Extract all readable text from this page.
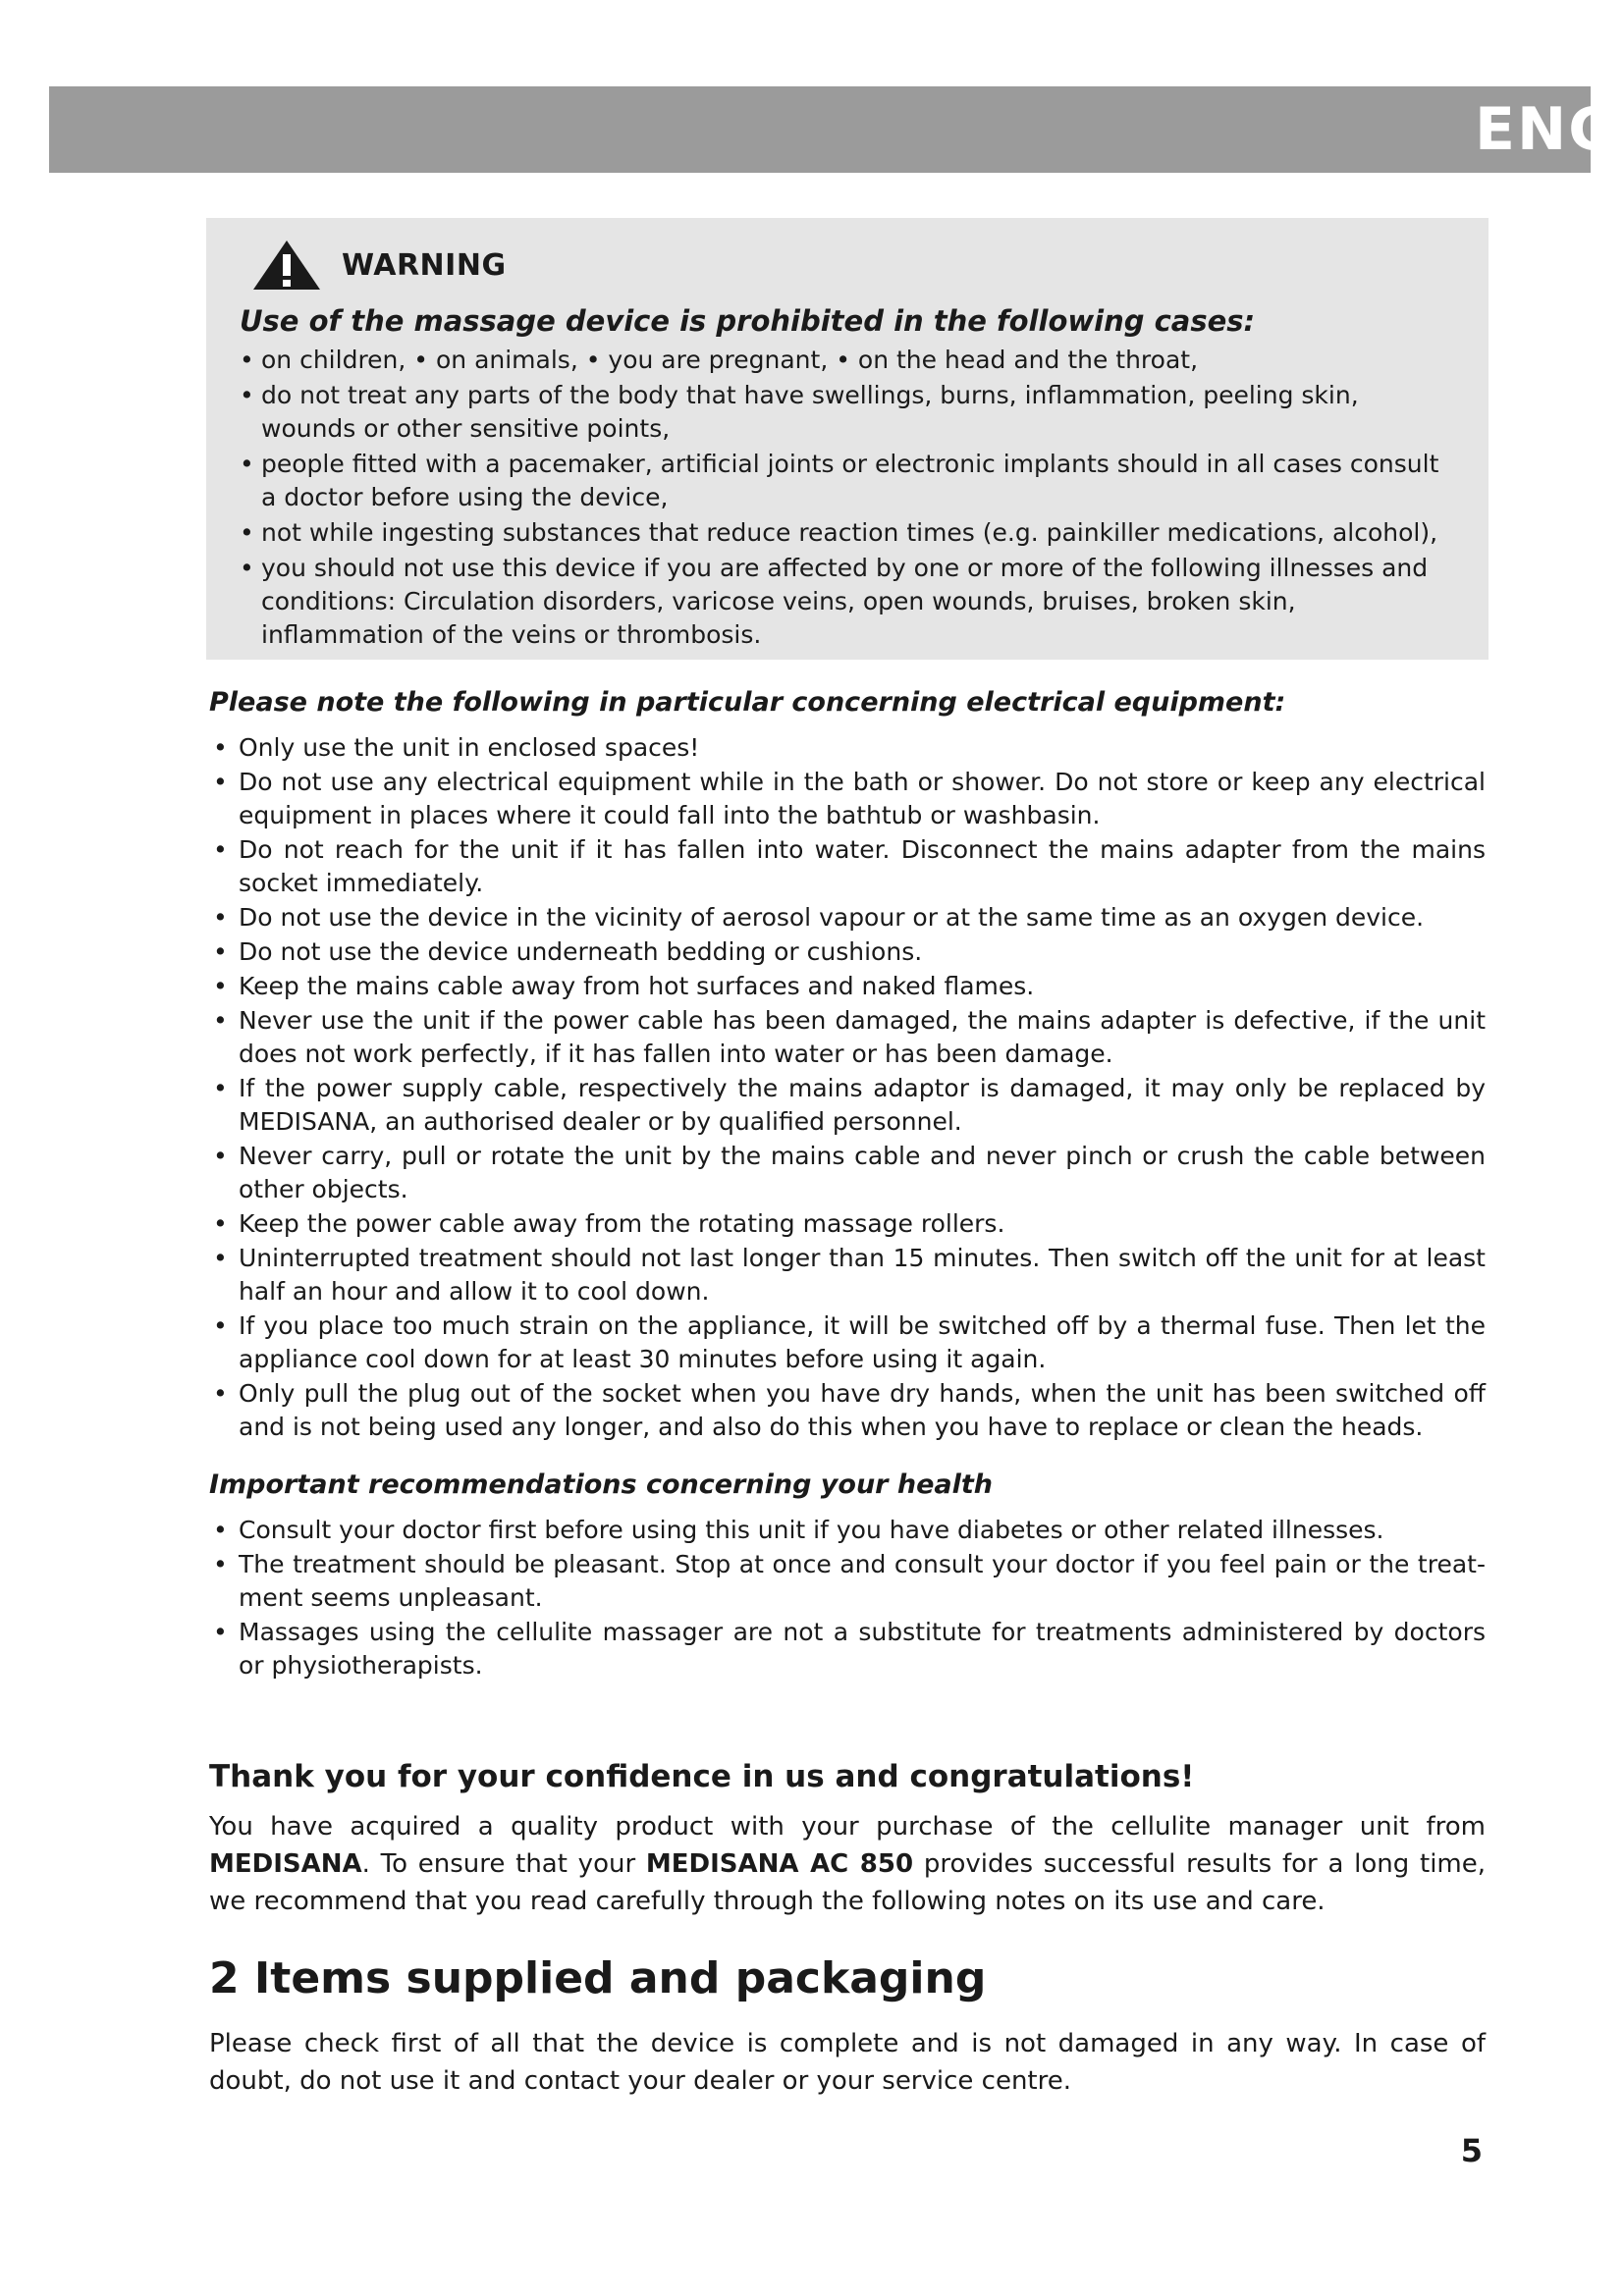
ENG
WARNING
Use of the massage device is prohibited in the following cases:
• on children, • on animals, • you are pregnant, • on the head and the throat,
• do not treat any parts of the body that have swellings, burns, inflammation, peeling skin, wounds or other sensitive points,
• people fitted with a pacemaker, artificial joints or electronic implants should in all cases consult a doctor before using the device,
• not while ingesting substances that reduce reaction times (e.g. painkiller medications, alcohol),
• you should not use this device if you are affected by one or more of the following illnesses and conditions: Circulation disorders, varicose veins, open wounds, bruises, broken skin, inflammation of the veins or thrombosis.
Please note the following in particular concerning electrical equipment:
• Only use the unit in enclosed spaces!
• Do not use any electrical equipment while in the bath or shower. Do not store or keep any electrical equipment in places where it could fall into the bathtub or washbasin.
• Do not reach for the unit if it has fallen into water. Disconnect the mains adapter from the mains socket immediately.
• Do not use the device in the vicinity of aerosol vapour or at the same time as an oxygen device.
• Do not use the device underneath bedding or cushions.
• Keep the mains cable away from hot surfaces and naked flames.
• Never use the unit if the power cable has been damaged, the mains adapter is defective, if the unit does not work perfectly, if it has fallen into water or has been damage.
• If the power supply cable, respectively the mains adaptor is damaged, it may only be replaced by MEDISANA, an authorised dealer or by qualified personnel.
• Never carry, pull or rotate the unit by the mains cable and never pinch or crush the cable between other objects.
• Keep the power cable away from the rotating massage rollers.
• Uninterrupted treatment should not last longer than 15 minutes. Then switch off the unit for at least half an hour and allow it to cool down.
• If you place too much strain on the appliance, it will be switched off by a thermal fuse. Then let the appliance cool down for at least 30 minutes before using it again.
• Only pull the plug out of the socket when you have dry hands, when the unit has been switched off and is not being used any longer, and also do this when you have to replace or clean the heads.
Important recommendations concerning your health
• Consult your doctor first before using this unit if you have diabetes or other related illnesses.
• The treatment should be pleasant. Stop at once and consult your doctor if you feel pain or the treat- ment seems unpleasant.
• Massages using the cellulite massager are not a substitute for treatments administered by doctors or physiotherapists.
Thank you for your confidence in us and congratulations!

You have acquired a quality product with your purchase of the cellulite manager unit from MEDISANA. To ensure that your MEDISANA AC 850 provides successful results for a long time, we recommend that you read carefully through the following notes on its use and care.

2 Items supplied and packaging

Please check first of all that the device is complete and is not damaged in any way. In case of doubt, do not use it and contact your dealer or your service centre.

5
